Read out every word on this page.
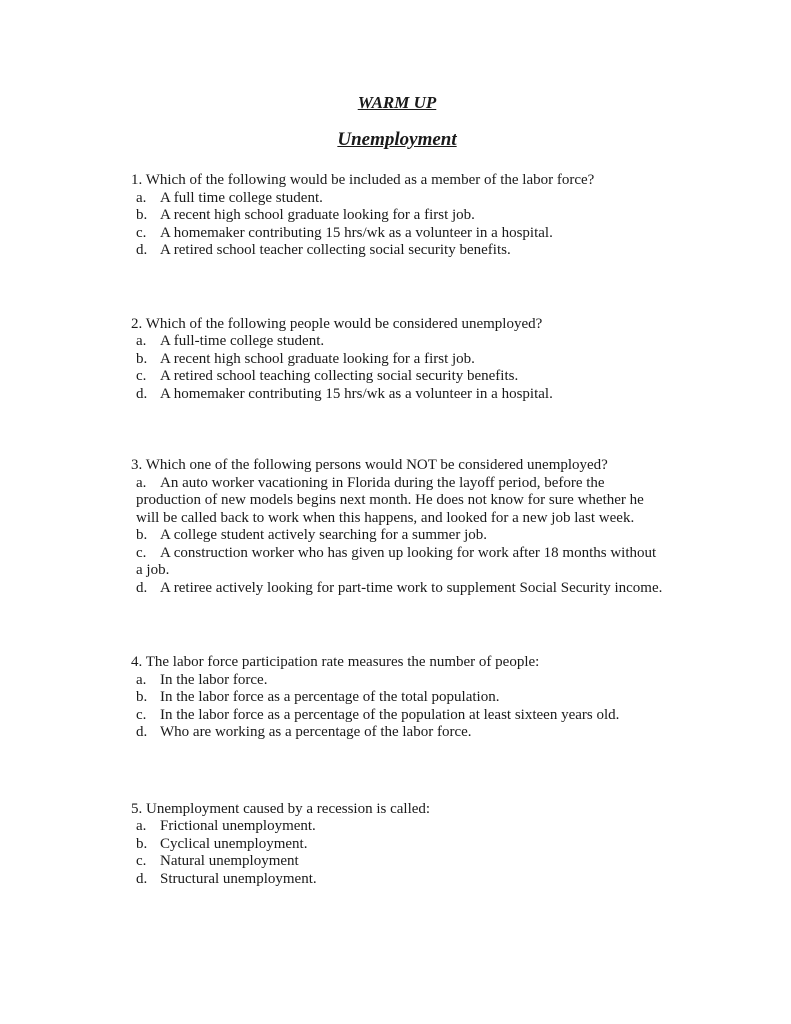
WARM UP
Unemployment
1. Which of the following would be included as a member of the labor force?
a. A full time college student.
b. A recent high school graduate looking for a first job.
c. A homemaker contributing 15 hrs/wk as a volunteer in a hospital.
d. A retired school teacher collecting social security benefits.
2. Which of the following people would be considered unemployed?
a. A full-time college student.
b. A recent high school graduate looking for a first job.
c. A retired school teaching collecting social security benefits.
d. A homemaker contributing 15 hrs/wk as a volunteer in a hospital.
3. Which one of the following persons would NOT be considered unemployed?
a. An auto worker vacationing in Florida during the layoff period, before the production of new models begins next month. He does not know for sure whether he will be called back to work when this happens, and looked for a new job last week.
b. A college student actively searching for a summer job.
c. A construction worker who has given up looking for work after 18 months without a job.
d. A retiree actively looking for part-time work to supplement Social Security income.
4. The labor force participation rate measures the number of people:
a. In the labor force.
b. In the labor force as a percentage of the total population.
c. In the labor force as a percentage of the population at least sixteen years old.
d. Who are working as a percentage of the labor force.
5. Unemployment caused by a recession is called:
a. Frictional unemployment.
b. Cyclical unemployment.
c. Natural unemployment
d. Structural unemployment.
